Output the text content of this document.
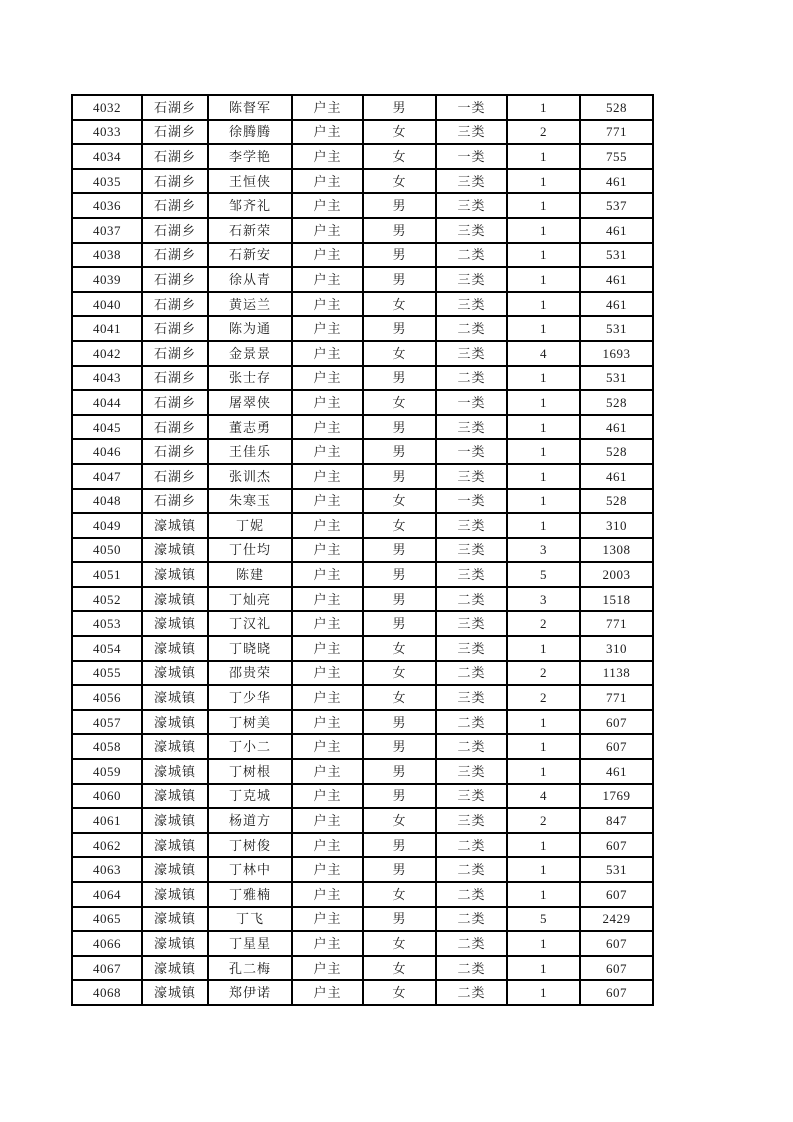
4032	石湖乡	陈督军	户主	男	一类	1	528
4033	石湖乡	徐腾腾	户主	女	三类	2	771
4034	石湖乡	李学艳	户主	女	一类	1	755
4035	石湖乡	王恒侠	户主	女	三类	1	461
4036	石湖乡	邹齐礼	户主	男	三类	1	537
4037	石湖乡	石新荣	户主	男	三类	1	461
4038	石湖乡	石新安	户主	男	二类	1	531
4039	石湖乡	徐从青	户主	男	三类	1	461
4040	石湖乡	黄运兰	户主	女	三类	1	461
4041	石湖乡	陈为通	户主	男	二类	1	531
4042	石湖乡	金景景	户主	女	三类	4	1693
4043	石湖乡	张士存	户主	男	二类	1	531
4044	石湖乡	屠翠侠	户主	女	一类	1	528
4045	石湖乡	董志勇	户主	男	三类	1	461
4046	石湖乡	王佳乐	户主	男	一类	1	528
4047	石湖乡	张训杰	户主	男	三类	1	461
4048	石湖乡	朱寒玉	户主	女	一类	1	528
4049	濠城镇	丁妮	户主	女	三类	1	310
4050	濠城镇	丁仕均	户主	男	三类	3	1308
4051	濠城镇	陈建	户主	男	三类	5	2003
4052	濠城镇	丁灿亮	户主	男	二类	3	1518
4053	濠城镇	丁汉礼	户主	男	三类	2	771
4054	濠城镇	丁晓晓	户主	女	三类	1	310
4055	濠城镇	邵贵荣	户主	女	二类	2	1138
4056	濠城镇	丁少华	户主	女	三类	2	771
4057	濠城镇	丁树美	户主	男	二类	1	607
4058	濠城镇	丁小二	户主	男	二类	1	607
4059	濠城镇	丁树根	户主	男	三类	1	461
4060	濠城镇	丁克城	户主	男	三类	4	1769
4061	濠城镇	杨道方	户主	女	三类	2	847
4062	濠城镇	丁树俊	户主	男	二类	1	607
4063	濠城镇	丁林中	户主	男	二类	1	531
4064	濠城镇	丁雅楠	户主	女	二类	1	607
4065	濠城镇	丁飞	户主	男	二类	5	2429
4066	濠城镇	丁星星	户主	女	二类	1	607
4067	濠城镇	孔二梅	户主	女	二类	1	607
4068	濠城镇	郑伊诺	户主	女	二类	1	607
